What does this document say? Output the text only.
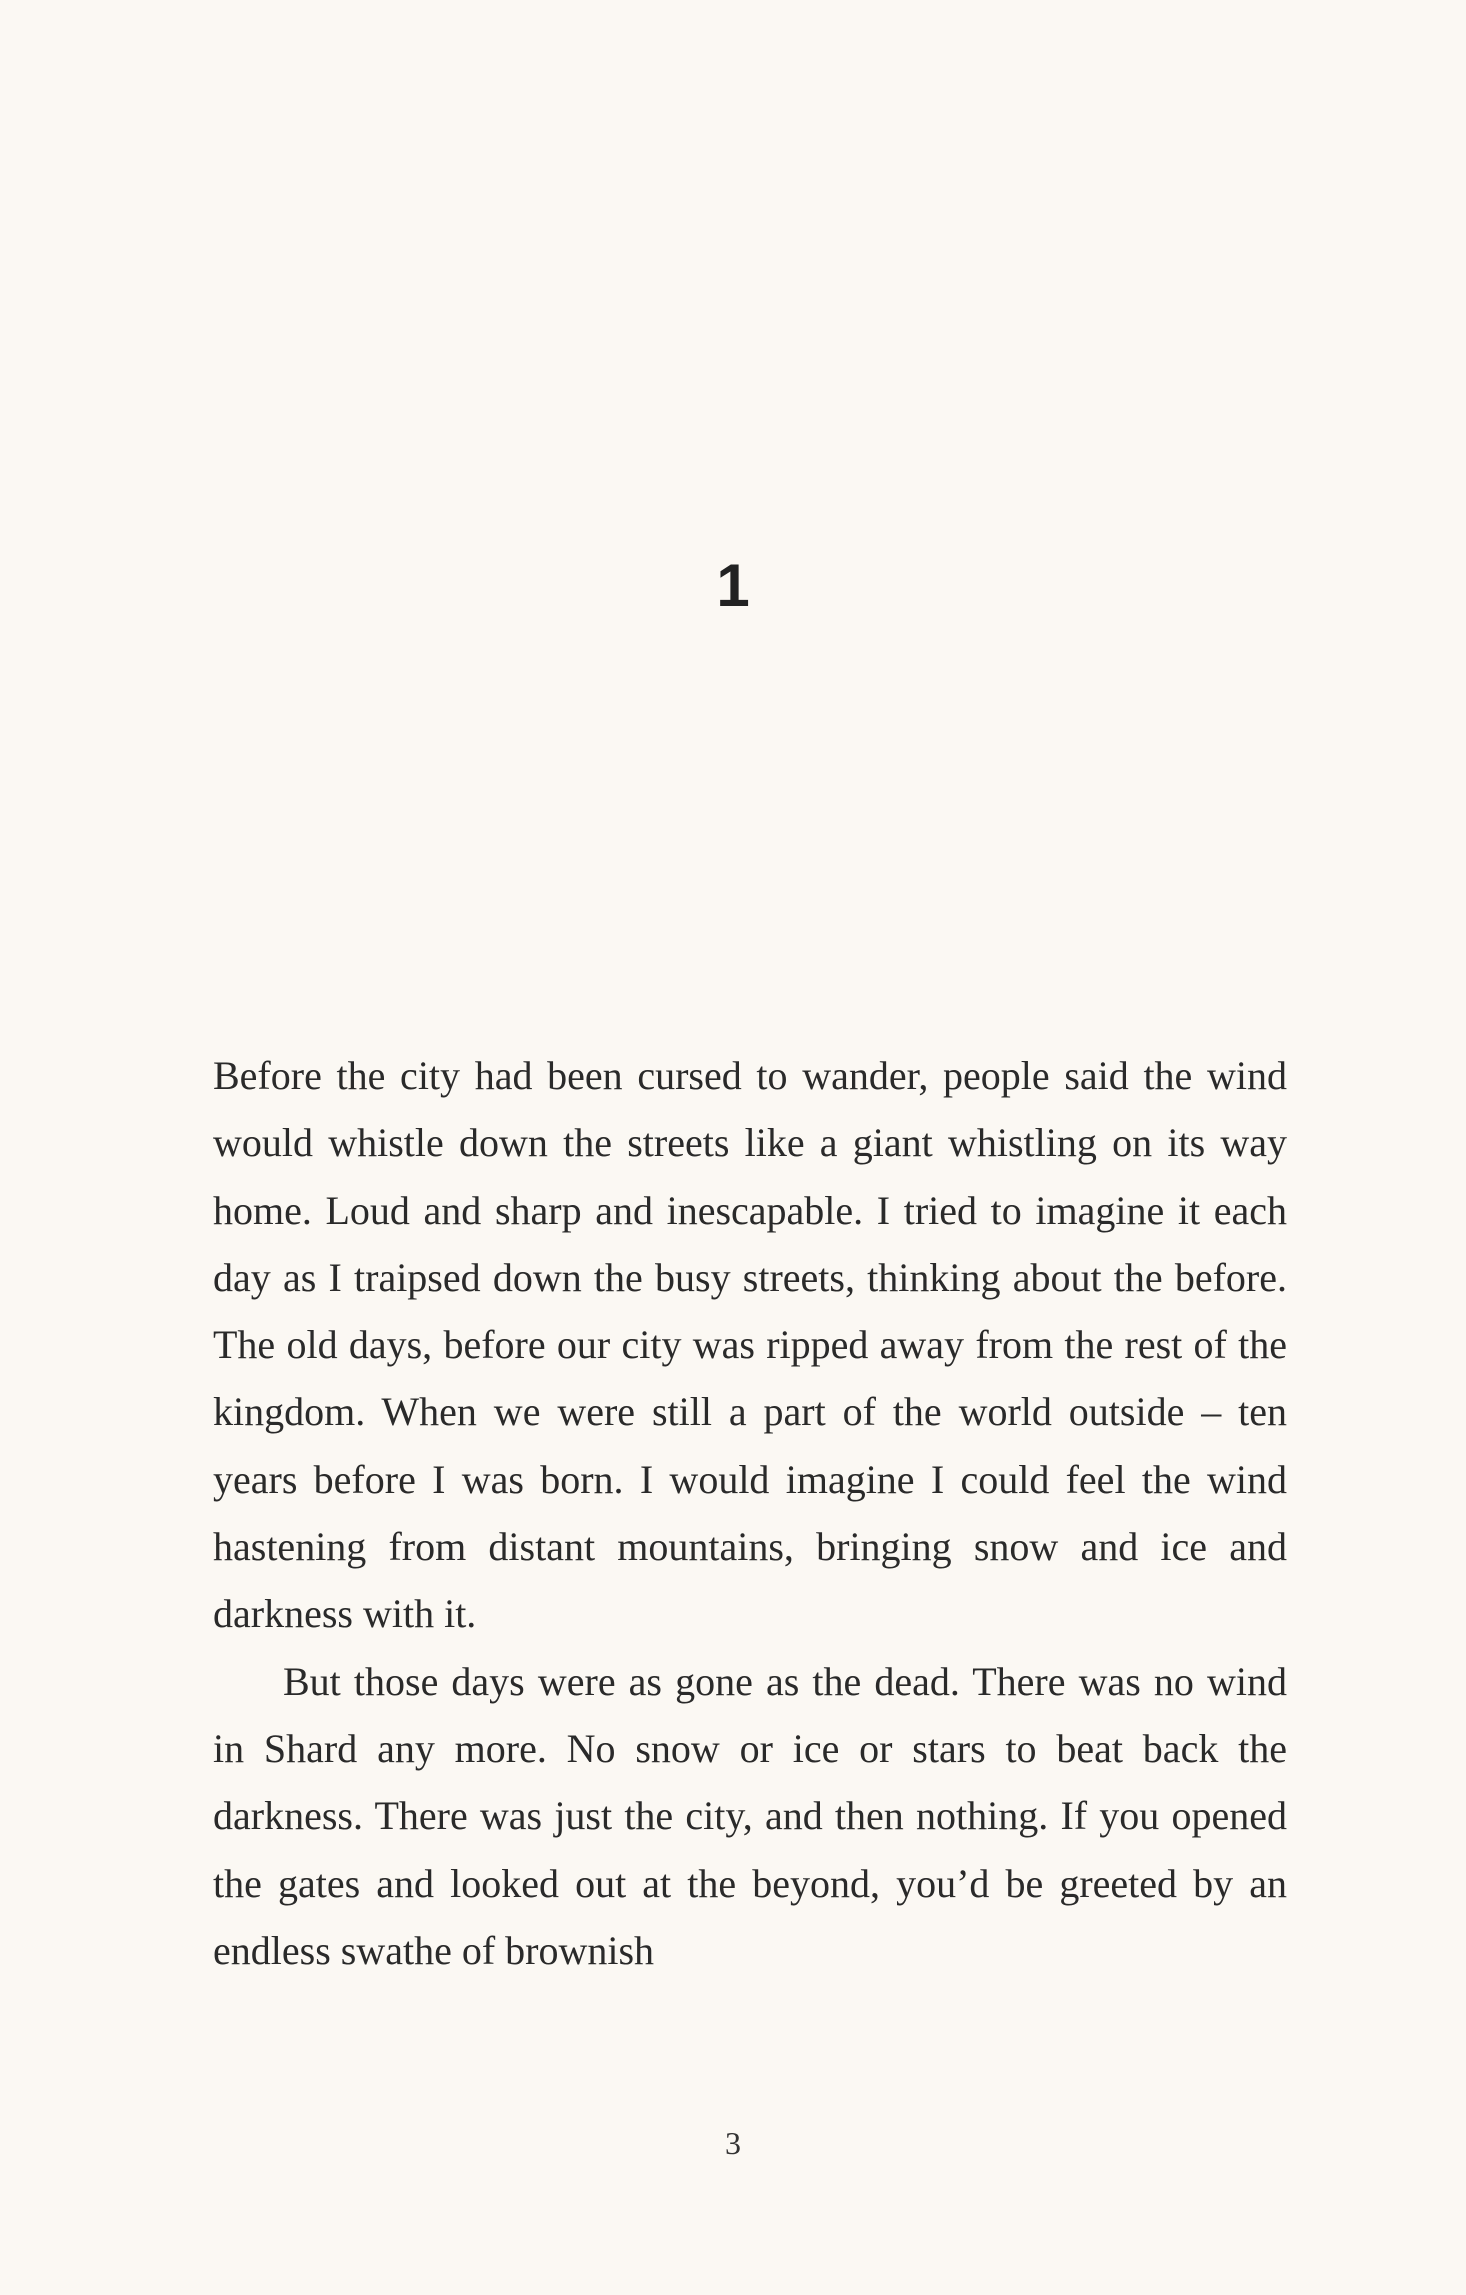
1

Before the city had been cursed to wander, people said the wind would whistle down the streets like a giant whistling on its way home. Loud and sharp and inescapable. I tried to imagine it each day as I traipsed down the busy streets, thinking about the before. The old days, before our city was ripped away from the rest of the kingdom. When we were still a part of the world outside – ten years before I was born. I would imagine I could feel the wind hastening from distant mountains, bringing snow and ice and darkness with it.

But those days were as gone as the dead. There was no wind in Shard any more. No snow or ice or stars to beat back the darkness. There was just the city, and then nothing. If you opened the gates and looked out at the beyond, you’d be greeted by an endless swathe of brownish

3
